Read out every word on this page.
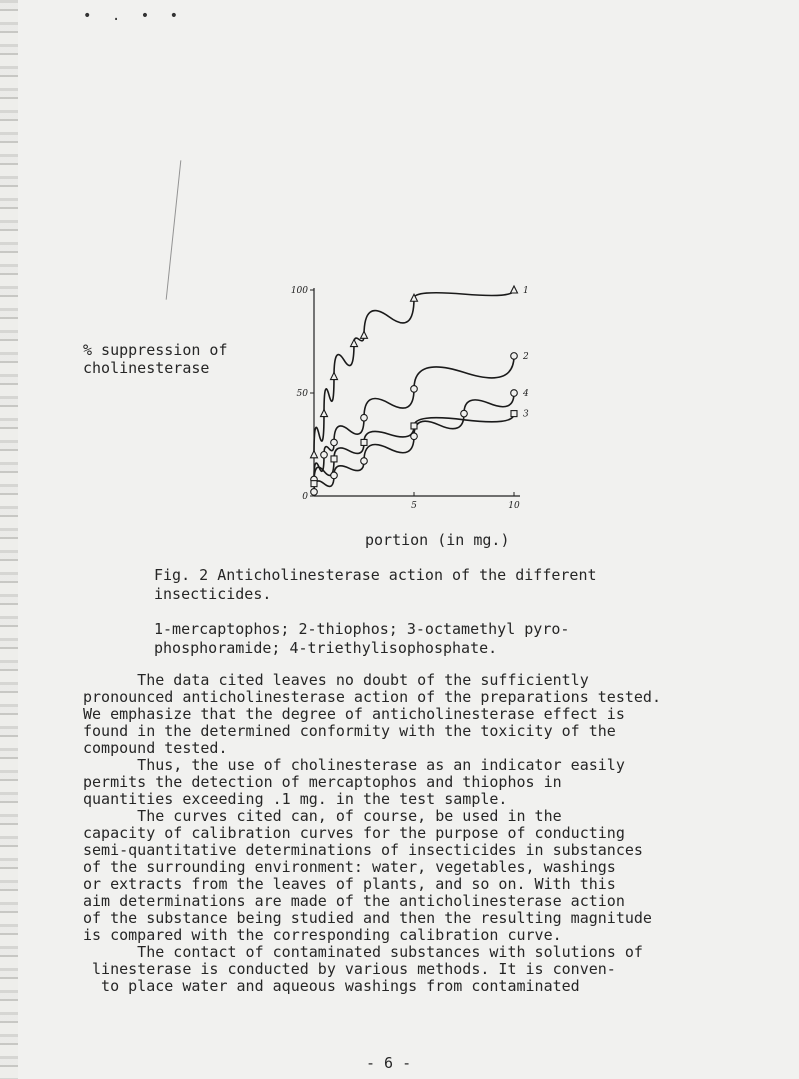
• . • •

% suppression of
cholinesterase

100
50
0
5	10
1
2
3
4

portion (in mg.)

Fig. 2 Anticholinesterase action of the different
insecticides.

1-mercaptophos; 2-thiophos; 3-octamethyl pyro-
phosphoramide; 4-triethylisophosphate.

The data cited leaves no doubt of the sufficiently
pronounced anticholinesterase action of the preparations tested.
We emphasize that the degree of anticholinesterase effect is
found in the determined conformity with the toxicity of the
compound tested.
Thus, the use of cholinesterase as an indicator easily
permits the detection of mercaptophos and thiophos in
quantities exceeding .1 mg. in the test sample.
The curves cited can, of course, be used in the
capacity of calibration curves for the purpose of conducting
semi-quantitative determinations of insecticides in substances
of the surrounding environment: water, vegetables, washings
or extracts from the leaves of plants, and so on. With this
aim determinations are made of the anticholinesterase action
of the substance being studied and then the resulting magnitude
is compared with the corresponding calibration curve.
The contact of contaminated substances with solutions of
linesterase is conducted by various methods. It is conven-
to place water and aqueous washings from contaminated

- 6 -
